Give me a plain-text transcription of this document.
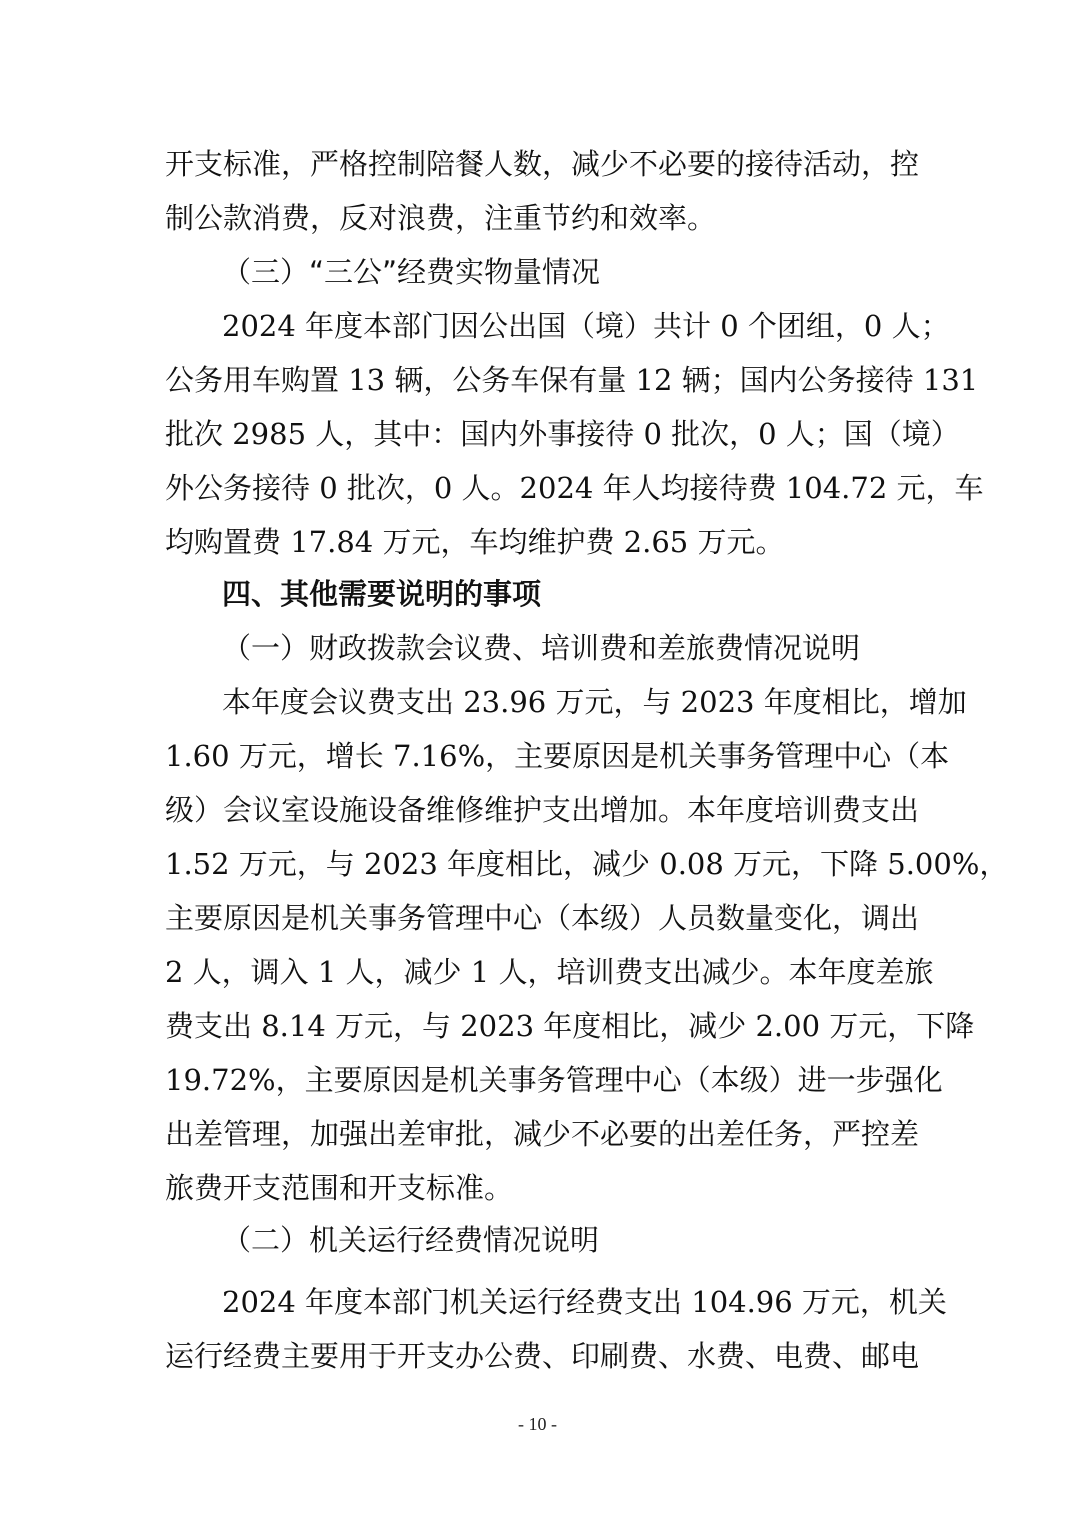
开支标准，严格控制陪餐人数，减少不必要的接待活动，控
制公款消费，反对浪费，注重节约和效率。
（三）“三公”经费实物量情况
2024 年度本部门因公出国（境）共计 0 个团组，0 人；
公务用车购置 13 辆，公务车保有量 12 辆；国内公务接待 131
批次 2985 人，其中：国内外事接待 0 批次，0 人；国（境）
外公务接待 0 批次，0 人。2024 年人均接待费 104.72 元，车
均购置费 17.84 万元，车均维护费 2.65 万元。
四、其他需要说明的事项
（一）财政拨款会议费、培训费和差旅费情况说明
本年度会议费支出 23.96 万元，与 2023 年度相比，增加
1.60 万元，增长 7.16%，主要原因是机关事务管理中心（本
级）会议室设施设备维修维护支出增加。本年度培训费支出
1.52 万元，与 2023 年度相比，减少 0.08 万元，下降 5.00%，
主要原因是机关事务管理中心（本级）人员数量变化，调出
2 人，调入 1 人，减少 1 人，培训费支出减少。本年度差旅
费支出 8.14 万元，与 2023 年度相比，减少 2.00 万元，下降
19.72%，主要原因是机关事务管理中心（本级）进一步强化
出差管理，加强出差审批，减少不必要的出差任务，严控差
旅费开支范围和开支标准。
（二）机关运行经费情况说明
2024 年度本部门机关运行经费支出 104.96 万元，机关
运行经费主要用于开支办公费、印刷费、水费、电费、邮电
- 10 -
